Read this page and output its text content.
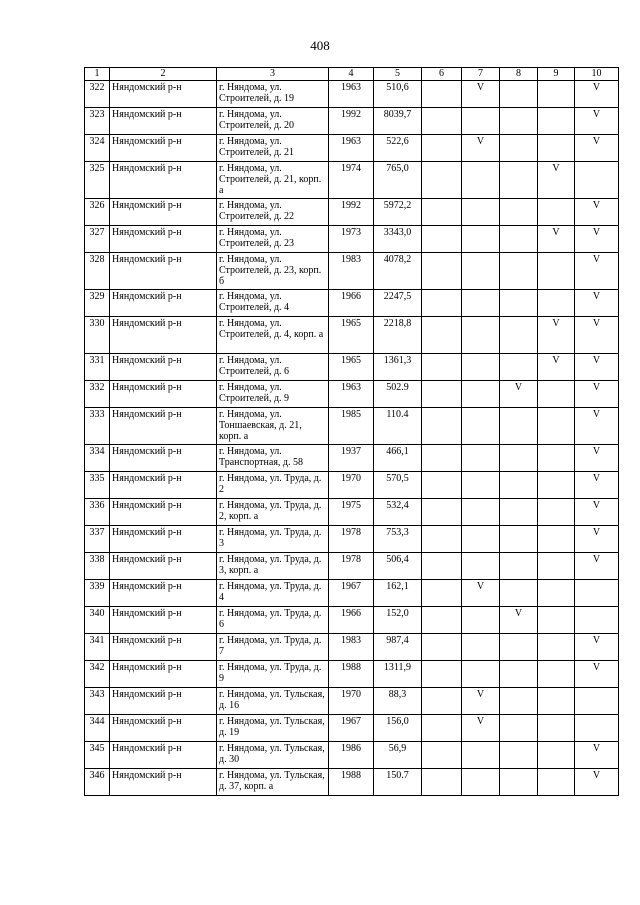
408
1	2	3	4	5	6	7	8	9	10
322	Няндомский р-н	г. Няндома, ул. Строителей, д. 19	1963	510,6		V			V
323	Няндомский р-н	г. Няндома, ул. Строителей, д. 20	1992	8039,7					V
324	Няндомский р-н	г. Няндома, ул. Строителей, д. 21	1963	522,6		V			V
325	Няндомский р-н	г. Няндома, ул. Строителей, д. 21, корп. а	1974	765,0				V	
326	Няндомский р-н	г. Няндома, ул. Строителей, д. 22	1992	5972,2					V
327	Няндомский р-н	г. Няндома, ул. Строителей, д. 23	1973	3343,0				V	V
328	Няндомский р-н	г. Няндома, ул. Строителей, д. 23, корп. б	1983	4078,2					V
329	Няндомский р-н	г. Няндома, ул. Строителей, д. 4	1966	2247,5					V
330	Няндомский р-н	г. Няндома, ул. Строителей, д. 4, корп. а	1965	2218,8				V	V
331	Няндомский р-н	г. Няндома, ул. Строителей, д. 6	1965	1361,3				V	V
332	Няндомский р-н	г. Няндома, ул. Строителей, д. 9	1963	502.9			V		V
333	Няндомский р-н	г. Няндома, ул. Тоншаевская, д. 21, корп. а	1985	110.4					V
334	Няндомский р-н	г. Няндома, ул. Транспортная, д. 58	1937	466,1					V
335	Няндомский р-н	г. Няндома, ул. Труда, д. 2	1970	570,5					V
336	Няндомский р-н	г. Няндома, ул. Труда, д. 2, корп. а	1975	532,4					V
337	Няндомский р-н	г. Няндома, ул. Труда, д. 3	1978	753,3					V
338	Няндомский р-н	г. Няндома, ул. Труда, д. 3, корп. а	1978	506,4					V
339	Няндомский р-н	г. Няндома, ул. Труда, д. 4	1967	162,1		V			
340	Няндомский р-н	г. Няндома, ул. Труда, д. 6	1966	152,0			V		
341	Няндомский р-н	г. Няндома, ул. Труда, д. 7	1983	987,4					V
342	Няндомский р-н	г. Няндома, ул. Труда, д. 9	1988	1311,9					V
343	Няндомский р-н	г. Няндома, ул. Тульская, д. 16	1970	88,3		V			
344	Няндомский р-н	г. Няндома, ул. Тульская, д. 19	1967	156,0		V			
345	Няндомский р-н	г. Няндома, ул. Тульская, д. 30	1986	56,9					V
346	Няндомский р-н	г. Няндома, ул. Тульская, д. 37, корп. а	1988	150.7					V
